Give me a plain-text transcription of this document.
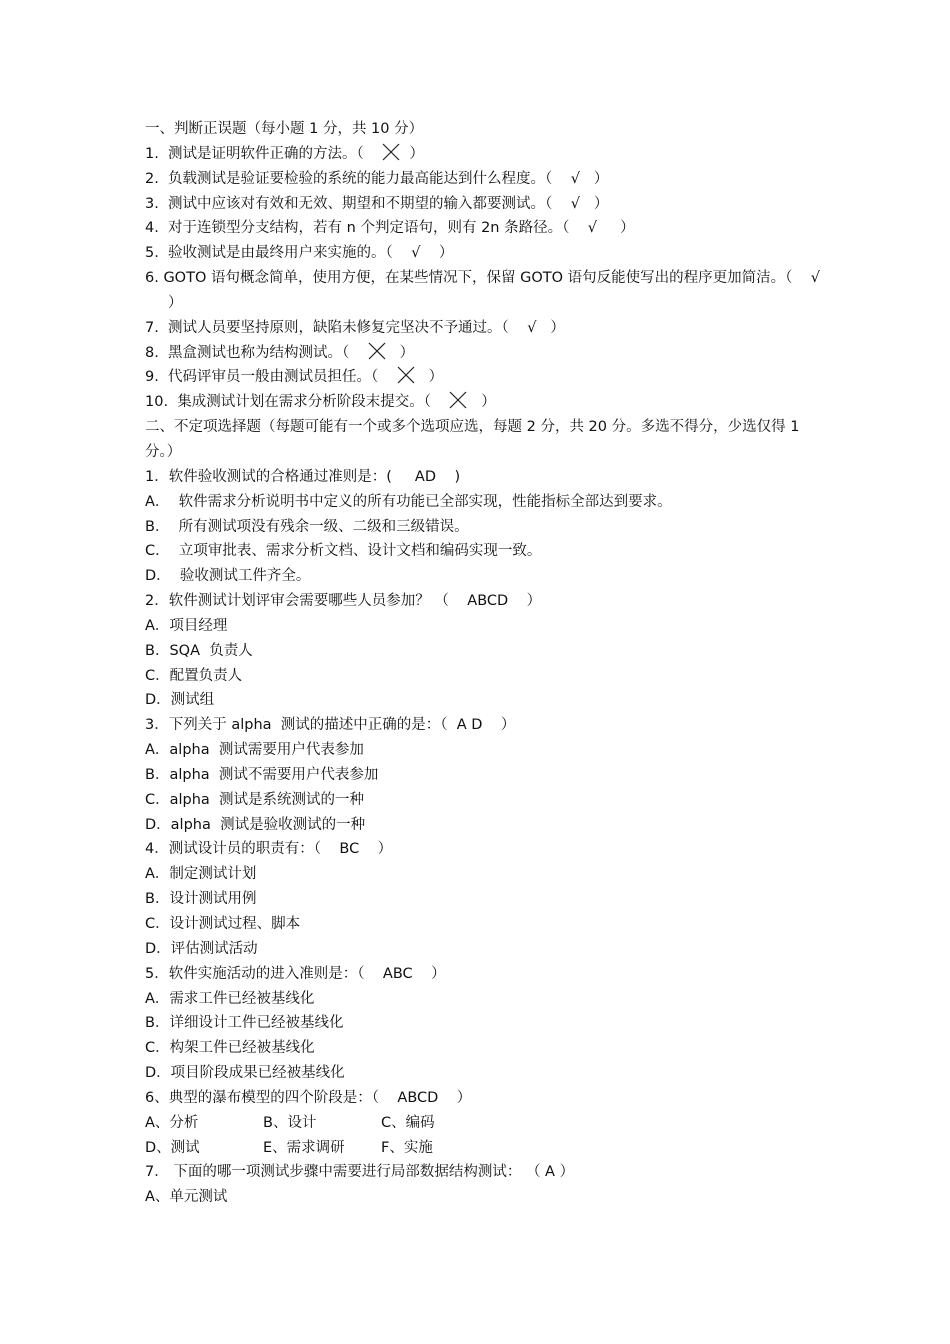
一、判断正误题（每小题 1 分，共 10 分）
1.  测试是证明软件正确的方法。（	）
2.  负载测试是验证要检验的系统的能力最高能达到什么程度。（ √   ）
3.  测试中应该对有效和无效、期望和不期望的输入都要测试。（ √   ）
4.  对于连锁型分支结构，若有 n 个判定语句，则有 2n 条路径。（ √     ）
5.  验收测试是由最终用户来实施的。（ √    ）
6. GOTO 语句概念简单，使用方便，在某些情况下，保留 GOTO 语句反能使写出的程序更加简洁。（ √     ）
7.  测试人员要坚持原则，缺陷未修复完坚决不予通过。（ √   ）
8.  黑盒测试也称为结构测试。（	）
9.  代码评审员一般由测试员担任。（	）
10.  集成测试计划在需求分析阶段末提交。（	）
二、不定项选择题（每题可能有一个或多个选项应选，每题 2 分，共 20 分。多选不得分，少选仅得 1 分。）
1．软件验收测试的合格通过准则是：(     AD    )
A．  软件需求分析说明书中定义的所有功能已全部实现，性能指标全部达到要求。
B．  所有测试项没有残余一级、二级和三级错误。
C．  立项审批表、需求分析文档、设计文档和编码实现一致。
D．  验收测试工件齐全。
2．软件测试计划评审会需要哪些人员参加？ （    ABCD    ）
A．项目经理
B．SQA  负责人
C．配置负责人
D．测试组
3．下列关于 alpha  测试的描述中正确的是：（  A D    ）
A．alpha  测试需要用户代表参加
B．alpha  测试不需要用户代表参加
C．alpha  测试是系统测试的一种
D．alpha  测试是验收测试的一种
4．测试设计员的职责有：（    BC    ）
A．制定测试计划
B．设计测试用例
C．设计测试过程、脚本
D．评估测试活动
5．软件实施活动的进入准则是：（    ABC    ）
A．需求工件已经被基线化
B．详细设计工件已经被基线化
C．构架工件已经被基线化
D．项目阶段成果已经被基线化
6、典型的瀑布模型的四个阶段是：（    ABCD    ）
A、分析	B、设计	C、编码
D、测试	E、需求调研	F、实施
7． 下面的哪一项测试步骤中需要进行局部数据结构测试： （ A ）
A、单元测试
